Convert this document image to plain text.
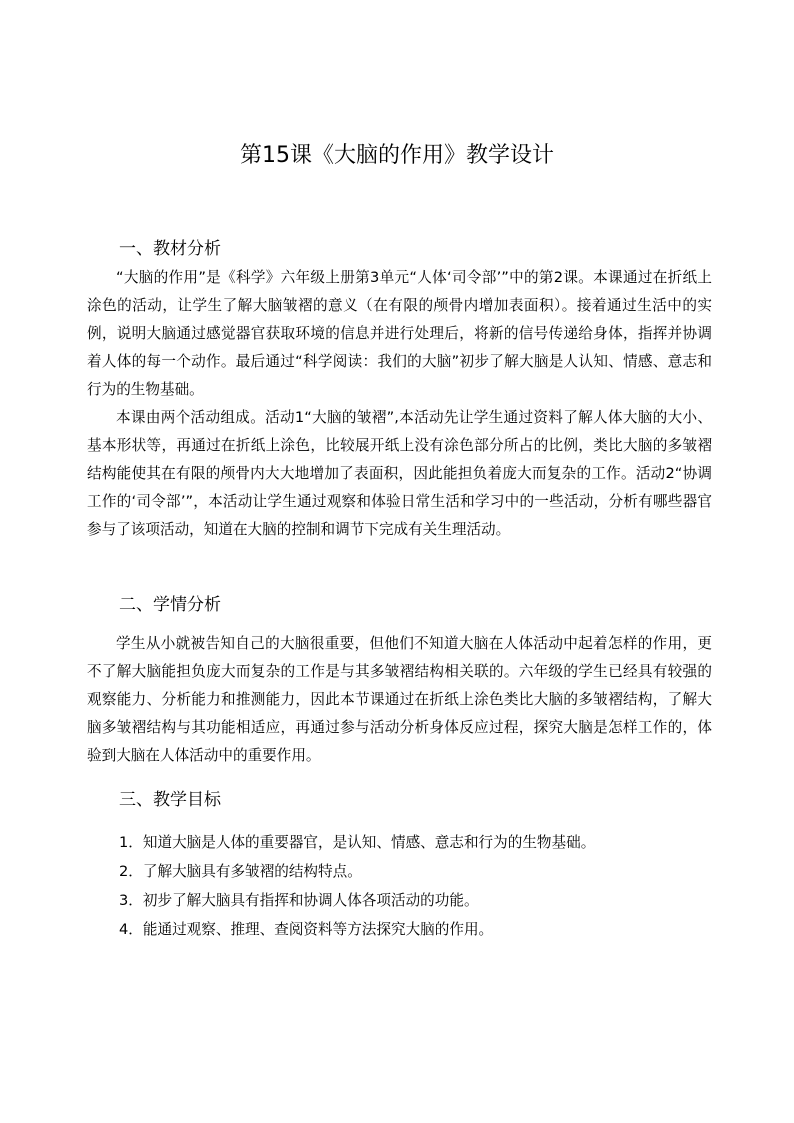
第15课《大脑的作用》教学设计
一、教材分析

“大脑的作用”是《科学》六年级上册第3单元“人体‘司令部’”中的第2课。本课通过在折纸上涂色的活动，让学生了解大脑皱褶的意义（在有限的颅骨内增加表面积）。接着通过生活中的实例，说明大脑通过感觉器官获取环境的信息并进行处理后，将新的信号传递给身体，指挥并协调着人体的每一个动作。最后通过“科学阅读：我们的大脑”初步了解大脑是人认知、情感、意志和行为的生物基础。

本课由两个活动组成。活动1“大脑的皱褶”,本活动先让学生通过资料了解人体大脑的大小、基本形状等，再通过在折纸上涂色，比较展开纸上没有涂色部分所占的比例，类比大脑的多皱褶结构能使其在有限的颅骨内大大地增加了表面积，因此能担负着庞大而复杂的工作。活动2“协调工作的‘司令部’”，本活动让学生通过观察和体验日常生活和学习中的一些活动，分析有哪些器官参与了该项活动，知道在大脑的控制和调节下完成有关生理活动。

二、学情分析

学生从小就被告知自己的大脑很重要，但他们不知道大脑在人体活动中起着怎样的作用，更不了解大脑能担负庞大而复杂的工作是与其多皱褶结构相关联的。六年级的学生已经具有较强的观察能力、分析能力和推测能力，因此本节课通过在折纸上涂色类比大脑的多皱褶结构，了解大脑多皱褶结构与其功能相适应，再通过参与活动分析身体反应过程，探究大脑是怎样工作的，体验到大脑在人体活动中的重要作用。

三、教学目标
1．知道大脑是人体的重要器官，是认知、情感、意志和行为的生物基础。
2．了解大脑具有多皱褶的结构特点。
3．初步了解大脑具有指挥和协调人体各项活动的功能。
4．能通过观察、推理、查阅资料等方法探究大脑的作用。
